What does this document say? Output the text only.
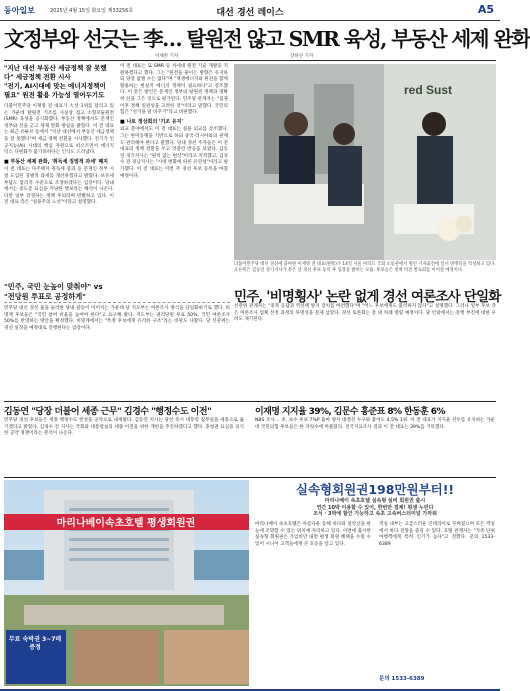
동아일보	2025년 4월 15일 화요일 제33256호	대선 경선 레이스	A5
文정부와 선긋는 李… 탈원전 않고 SMR 육성, 부동산 세제 완화
이채완 기자	장하얀 기자
"지난 대선 부동산 세금정책 잘 못했
다" 세금정책 전환 시사
"전기, AI시대에 맞는 에너지정책이
필요" 원전 활용 가능성 열어두기도
더불어민주당 이재명 전 대표가 大선 1위를 달리고 있는 가운데 탈원전 기조를 사실상 접고 소형모듈원전(SMR) 육성을 공식화했다. 부동산 정책에서도 문재인 정부와 선을 긋고 세제 완화 방침을 밝혔다. 이 전 대표는 최근 유튜브 등에서 "지난 대선에서 부동산 세금정책을 잘 못했다"며 세금 정책 전환을 시사했다. 전기가 인공지능(AI) 시대의 핵심 자원으로 떠오르면서 에너지 믹스 다변화가 불가피하다는 인식도 드러냈다.
■ 부동산 세제 완화, '취득세 징벌적 과세' 폐지
이 전 대표는 다주택자 취득세 중과 등 문재인 정부 시절 도입된 징벌적 과세를 개선하겠다고 밝혔다. 보유세 부담도 합리적 수준으로 조정하겠다는 입장이다. 당내에서는 중도층 표심을 겨냥한 행보라는 해석이 나온다. 다만 일부 강경파는 정책 후퇴라며 반발하고 있다. 이 전 대표 측은 "실용주의 노선"이라고 설명했다.
이 전 대표는 또 SMR 등 차세대 원전 기술 개발을 지원하겠다고 했다. 그는 "원전을 줄이는 방향은 유지하되 당장 없앨 수는 없다"며 "재생에너지와 원전을 함께 활용하는 현실적 에너지 정책이 필요하다"고 강조했다. 이 같은 발언은 문재인 정부의 탈원전 정책과 명확히 선을 그은 것으로 평가된다. 민주당 관계자는 "집권 이후 정책 일관성을 고려한 것"이라고 말했다. 국민의힘은 "선거용 말 바꾸기"라고 비판했다.
■ 나토 정상회의 '기조 유지'
외교 분야에서도 이 전 대표는 실용 외교를 강조했다. 그는 한미동맹을 기반으로 하되 중국·러시아와의 관계도 관리해야 한다고 말했다. 당내 경선 주자들은 이 전 대표의 정책 전환을 두고 엇갈린 반응을 보였다. 김동연 경기지사는 "원칙 없는 변신"이라고 지적했고, 김경수 전 경남지사는 "시대 변화에 따른 유연성"이라고 평가했다. 이 전 대표는 이번 주 경선 후보 등록을 마칠 예정이다.
red Sust
더불어민주당 대선 경선에 출마한 이재명 전 대표(왼쪽)가 14일 서울 여의도 국회 소통관에서 열린 기자회견에 앞서 방명록을 작성하고 있다. 오른쪽은 김동연 경기지사가 같은 날 경선 후보 등록 후 입장을 밝히는 모습. 후보들은 정책 비전 발표회를 이어갈 예정이다.
"민주, 국민 눈높이 맞춰야" vs
"전당원 투표로 공정하게"	민주, '비명횡사' 논란 없게 경선 여론조사 단일화
민주당 대선 경선 룰을 둘러싼 당내 갈등이 이어지는 가운데 당 지도부는 여론조사 방식을 단일화하기로 했다. 비명계 후보들은 "국민 참여 비율을 높여야 한다"고 요구해 왔다. 지도부는 권리당원 투표 50%, 국민 여론조사 50%를 반영하는 방안을 확정했다. 비명계에서는 "특정 후보에게 유리한 구조"라는 비판도 나왔다. 당 선관위는 경선 일정을 예정대로 진행한다는 입장이다.
선관위 관계자는 "중복 응답과 역선택 방지 장치를 마련했다"며 "어느 후보에게도 불리하지 않다"고 설명했다. 그러나 일부 후보 측은 여론조사 업체 선정 과정의 투명성을 문제 삼았다. 경선 토론회는 총 네 차례 열릴 예정이다. 당 안팎에서는 흥행 부진에 대한 우려도 제기된다.
김동연 "당장 더불어 세종 근무" 김경수 "행정수도 이전"
민주당 경선 후보들은 세종 행정수도 완성을 공약으로 내세웠다. 김동연 지사는 당선 즉시 대통령 집무실을 세종으로 옮기겠다고 밝혔다. 김경수 전 지사는 국회와 대통령실의 세종 이전을 위한 개헌을 추진하겠다고 했다. 충청권 표심을 의식한 공약 경쟁이라는 분석이 나온다.
이재명 지지율 39%, 김문수 홍준표 8% 한동훈 6%
NBS 조사… 李, 보수 후보 7%P 출마 양자 대결선 누구와 붙어도 4.5% 1위. 이 전 대표가 지지율 선두를 유지하는 가운데 국민의힘 후보들은 한 자릿수에 머물렀다. 전국지표조사 결과 이 전 대표는 39%를 기록했다.
마리나베이속초호텔 평생회원권
무료 숙박권 3~7매 증정
실속형회원권198만원부터!!
마리나베이 속초호텔 실속형 실버 회원권 출시
연간 10박 이용할 수 있어, 한번만 결제! 평생 누린다
조식 · 3박에 할인 가능하고 속초 고속버스터미널 가까워
마리나베이 속초호텔은 아름다운 동해 바다와 설악산을 한눈에 조망할 수 있는 위치에 자리하고 있다. 이번에 출시한 실속형 회원권은 가입비만 내면 평생 회원 혜택을 누릴 수 있어 시니어 고객들에게 큰 호응을 얻고 있다.
객실 내부는 고급스러운 인테리어로 꾸며졌으며 모든 객실에서 바다 전망을 즐길 수 있다. 호텔 관계자는 "가족 단위 여행객에게 특히 인기가 높다"고 전했다. 문의 1533-6389
문의 1533-6389
